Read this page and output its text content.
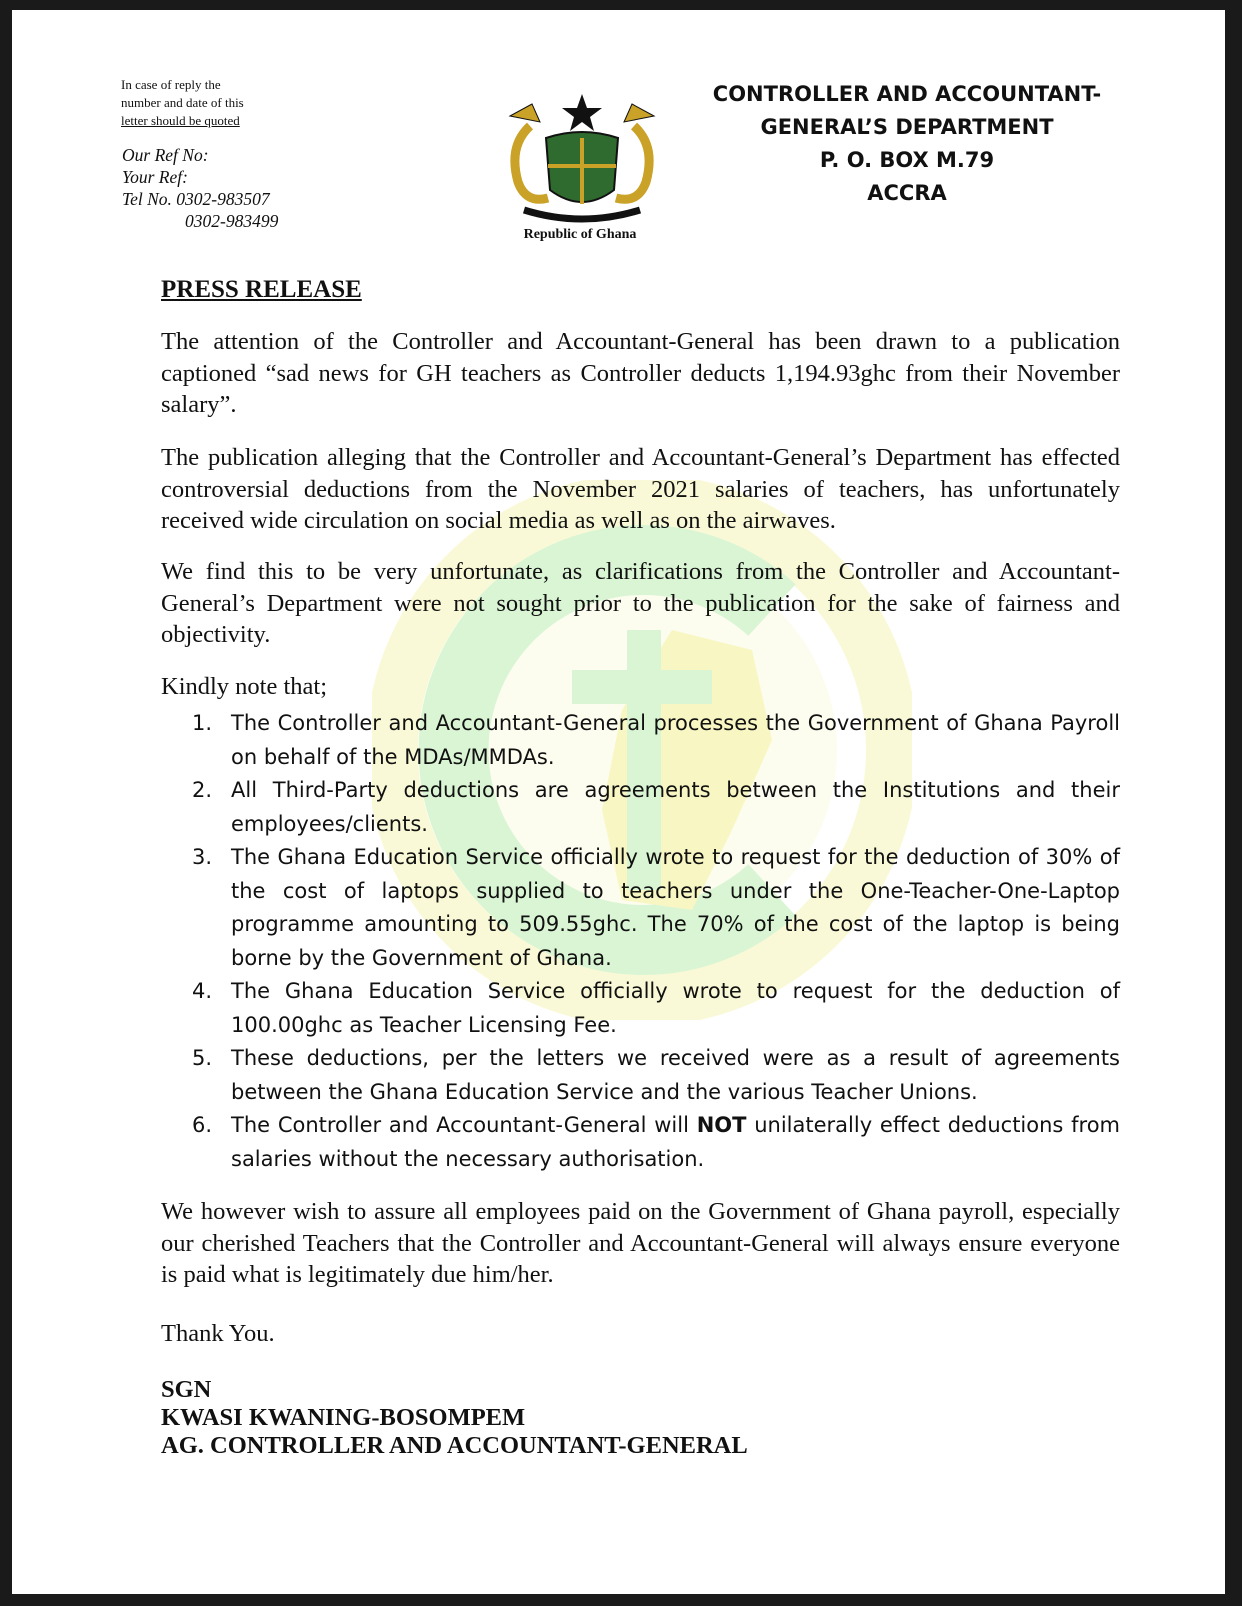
In case of reply the
number and date of this
letter should be quoted
Our Ref No:
Your Ref:
Tel No. 0302-983507
0302-983499
Republic of Ghana
CONTROLLER AND ACCOUNTANT-
GENERAL’S DEPARTMENT
P. O. BOX M.79
ACCRA
PRESS RELEASE

The attention of the Controller and Accountant-General has been drawn to a publication captioned “sad news for GH teachers as Controller deducts 1,194.93ghc from their November salary”.

The publication alleging that the Controller and Accountant-General’s Department has effected controversial deductions from the November 2021 salaries of teachers, has unfortunately received wide circulation on social media as well as on the airwaves.

We find this to be very unfortunate, as clarifications from the Controller and Accountant-General’s Department were not sought prior to the publication for the sake of fairness and objectivity.

Kindly note that;
1. The Controller and Accountant-General processes the Government of Ghana Payroll on behalf of the MDAs/MMDAs.
2. All Third-Party deductions are agreements between the Institutions and their employees/clients.
3. The Ghana Education Service officially wrote to request for the deduction of 30% of the cost of laptops supplied to teachers under the One-Teacher-One-Laptop programme amounting to 509.55ghc. The 70% of the cost of the laptop is being borne by the Government of Ghana.
4. The Ghana Education Service officially wrote to request for the deduction of 100.00ghc as Teacher Licensing Fee.
5. These deductions, per the letters we received were as a result of agreements between the Ghana Education Service and the various Teacher Unions.
6. The Controller and Accountant-General will NOT unilaterally effect deductions from salaries without the necessary authorisation.

We however wish to assure all employees paid on the Government of Ghana payroll, especially our cherished Teachers that the Controller and Accountant-General will always ensure everyone is paid what is legitimately due him/her.

Thank You.
SGN
KWASI KWANING-BOSOMPEM
AG. CONTROLLER AND ACCOUNTANT-GENERAL
